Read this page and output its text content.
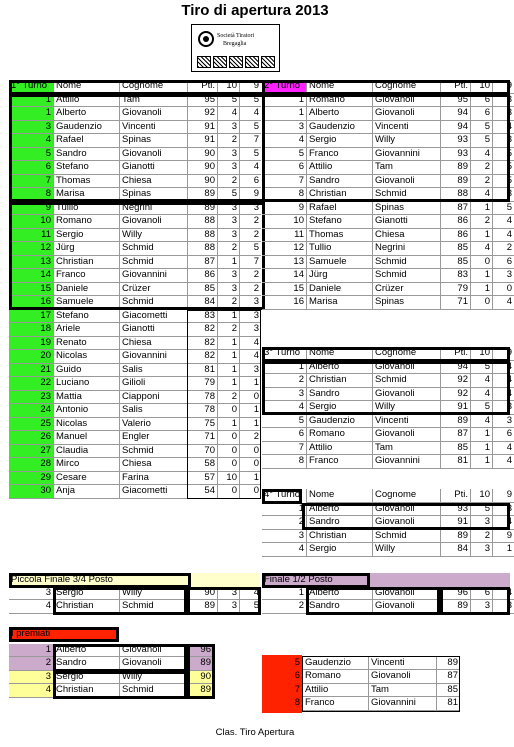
Tiro di apertura 2013
Società Tiratori
Bregaglia
1° Turno Nome	Cognome	Pti.	10	9
1 Attilio	Tam	95	5	5
1 Alberto	Giovanoli	92	4	4
3 Gaudenzio	Vincenti	91	3	5
4 Rafael	Spinas	91	2	7
5 Sandro	Giovanoli	90	3	5
6 Stefano	Gianotti	90	3	4
7 Thomas	Chiesa	90	2	6
8 Marisa	Spinas	89	5	9
9 Tullio	Negrini	89	3	3
10 Romano	Giovanoli	88	3	2
11 Sergio	Willy	88	3	2
12 Jürg	Schmid	88	2	5
13 Christian	Schmid	87	1	7
14 Franco	Giovannini	86	3	2
15 Daniele	Crüzer	85	3	2
16 Samuele	Schmid	84	2	3
17 Stefano	Giacometti	83	1	3
18 Ariele	Gianotti	82	2	3
19 Renato	Chiesa	82	1	4
20 Nicolas	Giovannini	82	1	4
21 Guido	Salis	81	1	3
22 Luciano	Gilioli	79	1	1
23 Mattia	Ciapponi	78	2	0
24 Antonio	Salis	78	0	1
25 Nicolas	Valerio	75	1	1
26 Manuel	Engler	71	0	2
27 Claudia	Schmid	70	0	0
28 Mirco	Chiesa	58	0	0
29 Cesare	Farina	57	10	1
30 Anja	Giacometti	54	0	0
2° Turno Nome	Cognome	Pti.	10	9
1 Romano	Giovanoli	95	6	3
1 Alberto	Giovanoli	94	6	3
3 Gaudenzio	Vincenti	94	5	4
4 Sergio	Willy	93	5	3
5 Franco	Giovannini	93	4	5
6 Attilio	Tam	89	2	5
7 Sandro	Giovanoli	89	2	5
8 Christian	Schmid	88	4	3
9 Rafael	Spinas	87	1	5
10 Stefano	Gianotti	86	2	4
11 Thomas	Chiesa	86	1	4
12 Tullio	Negrini	85	4	2
13 Samuele	Schmid	85	0	6
14 Jürg	Schmid	83	1	3
15 Daniele	Crüzer	79	1	0
16 Marisa	Spinas	71	0	4
3° Turno Nome	Cognome	Pti.	10	9
1 Alberto	Giovanoli	94	5	4
2 Christian	Schmid	92	4	4
3 Sandro	Giovanoli	92	4	4
4 Sergio	Willy	91	5	3
5 Gaudenzio	Vincenti	89	4	3
6 Romano	Giovanoli	87	1	6
7 Attilio	Tam	85	1	4
8 Franco	Giovannini	81	1	4
4° Turno Nome	Cognome	Pti.	10	9
1 Alberto	Giovanoli	93	5	3
2 Sandro	Giovanoli	91	3	4
3 Christian	Schmid	89	2	9
4 Sergio	Willy	84	3	1
Piccola Finale 3/4 Posto
3 Sergio	Willy	90	3	4
4 Christian	Schmid	89	3	5
Finale 1/2 Posto
1 Alberto	Giovanoli	96	6	4
2 Sandro	Giovanoli	89	3	3
I premiati
1 Alberto	Giovanoli	96
2 Sandro	Giovanoli	89
3 Sergio	Willy	90
4 Christian	Schmid	89
5 Gaudenzio	Vincenti	89
6 Romano	Giovanoli	87
7 Attilio	Tam	85
8 Franco	Giovannini	81
Clas. Tiro Apertura
